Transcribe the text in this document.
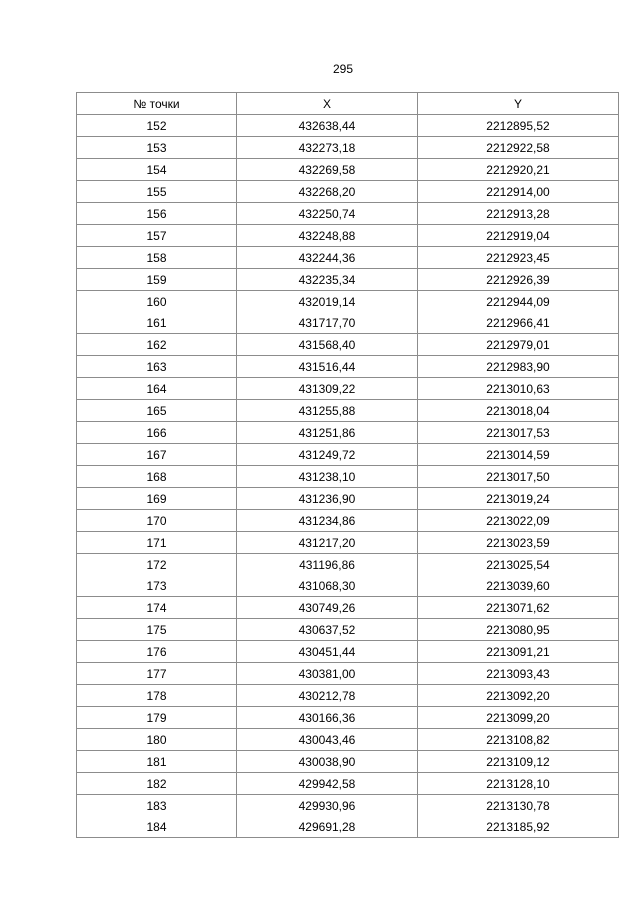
295
№ точки	X	Y
152	432638,44	2212895,52
153	432273,18	2212922,58
154	432269,58	2212920,21
155	432268,20	2212914,00
156	432250,74	2212913,28
157	432248,88	2212919,04
158	432244,36	2212923,45
159	432235,34	2212926,39
160	432019,14	2212944,09
161	431717,70	2212966,41
162	431568,40	2212979,01
163	431516,44	2212983,90
164	431309,22	2213010,63
165	431255,88	2213018,04
166	431251,86	2213017,53
167	431249,72	2213014,59
168	431238,10	2213017,50
169	431236,90	2213019,24
170	431234,86	2213022,09
171	431217,20	2213023,59
172	431196,86	2213025,54
173	431068,30	2213039,60
174	430749,26	2213071,62
175	430637,52	2213080,95
176	430451,44	2213091,21
177	430381,00	2213093,43
178	430212,78	2213092,20
179	430166,36	2213099,20
180	430043,46	2213108,82
181	430038,90	2213109,12
182	429942,58	2213128,10
183	429930,96	2213130,78
184	429691,28	2213185,92
